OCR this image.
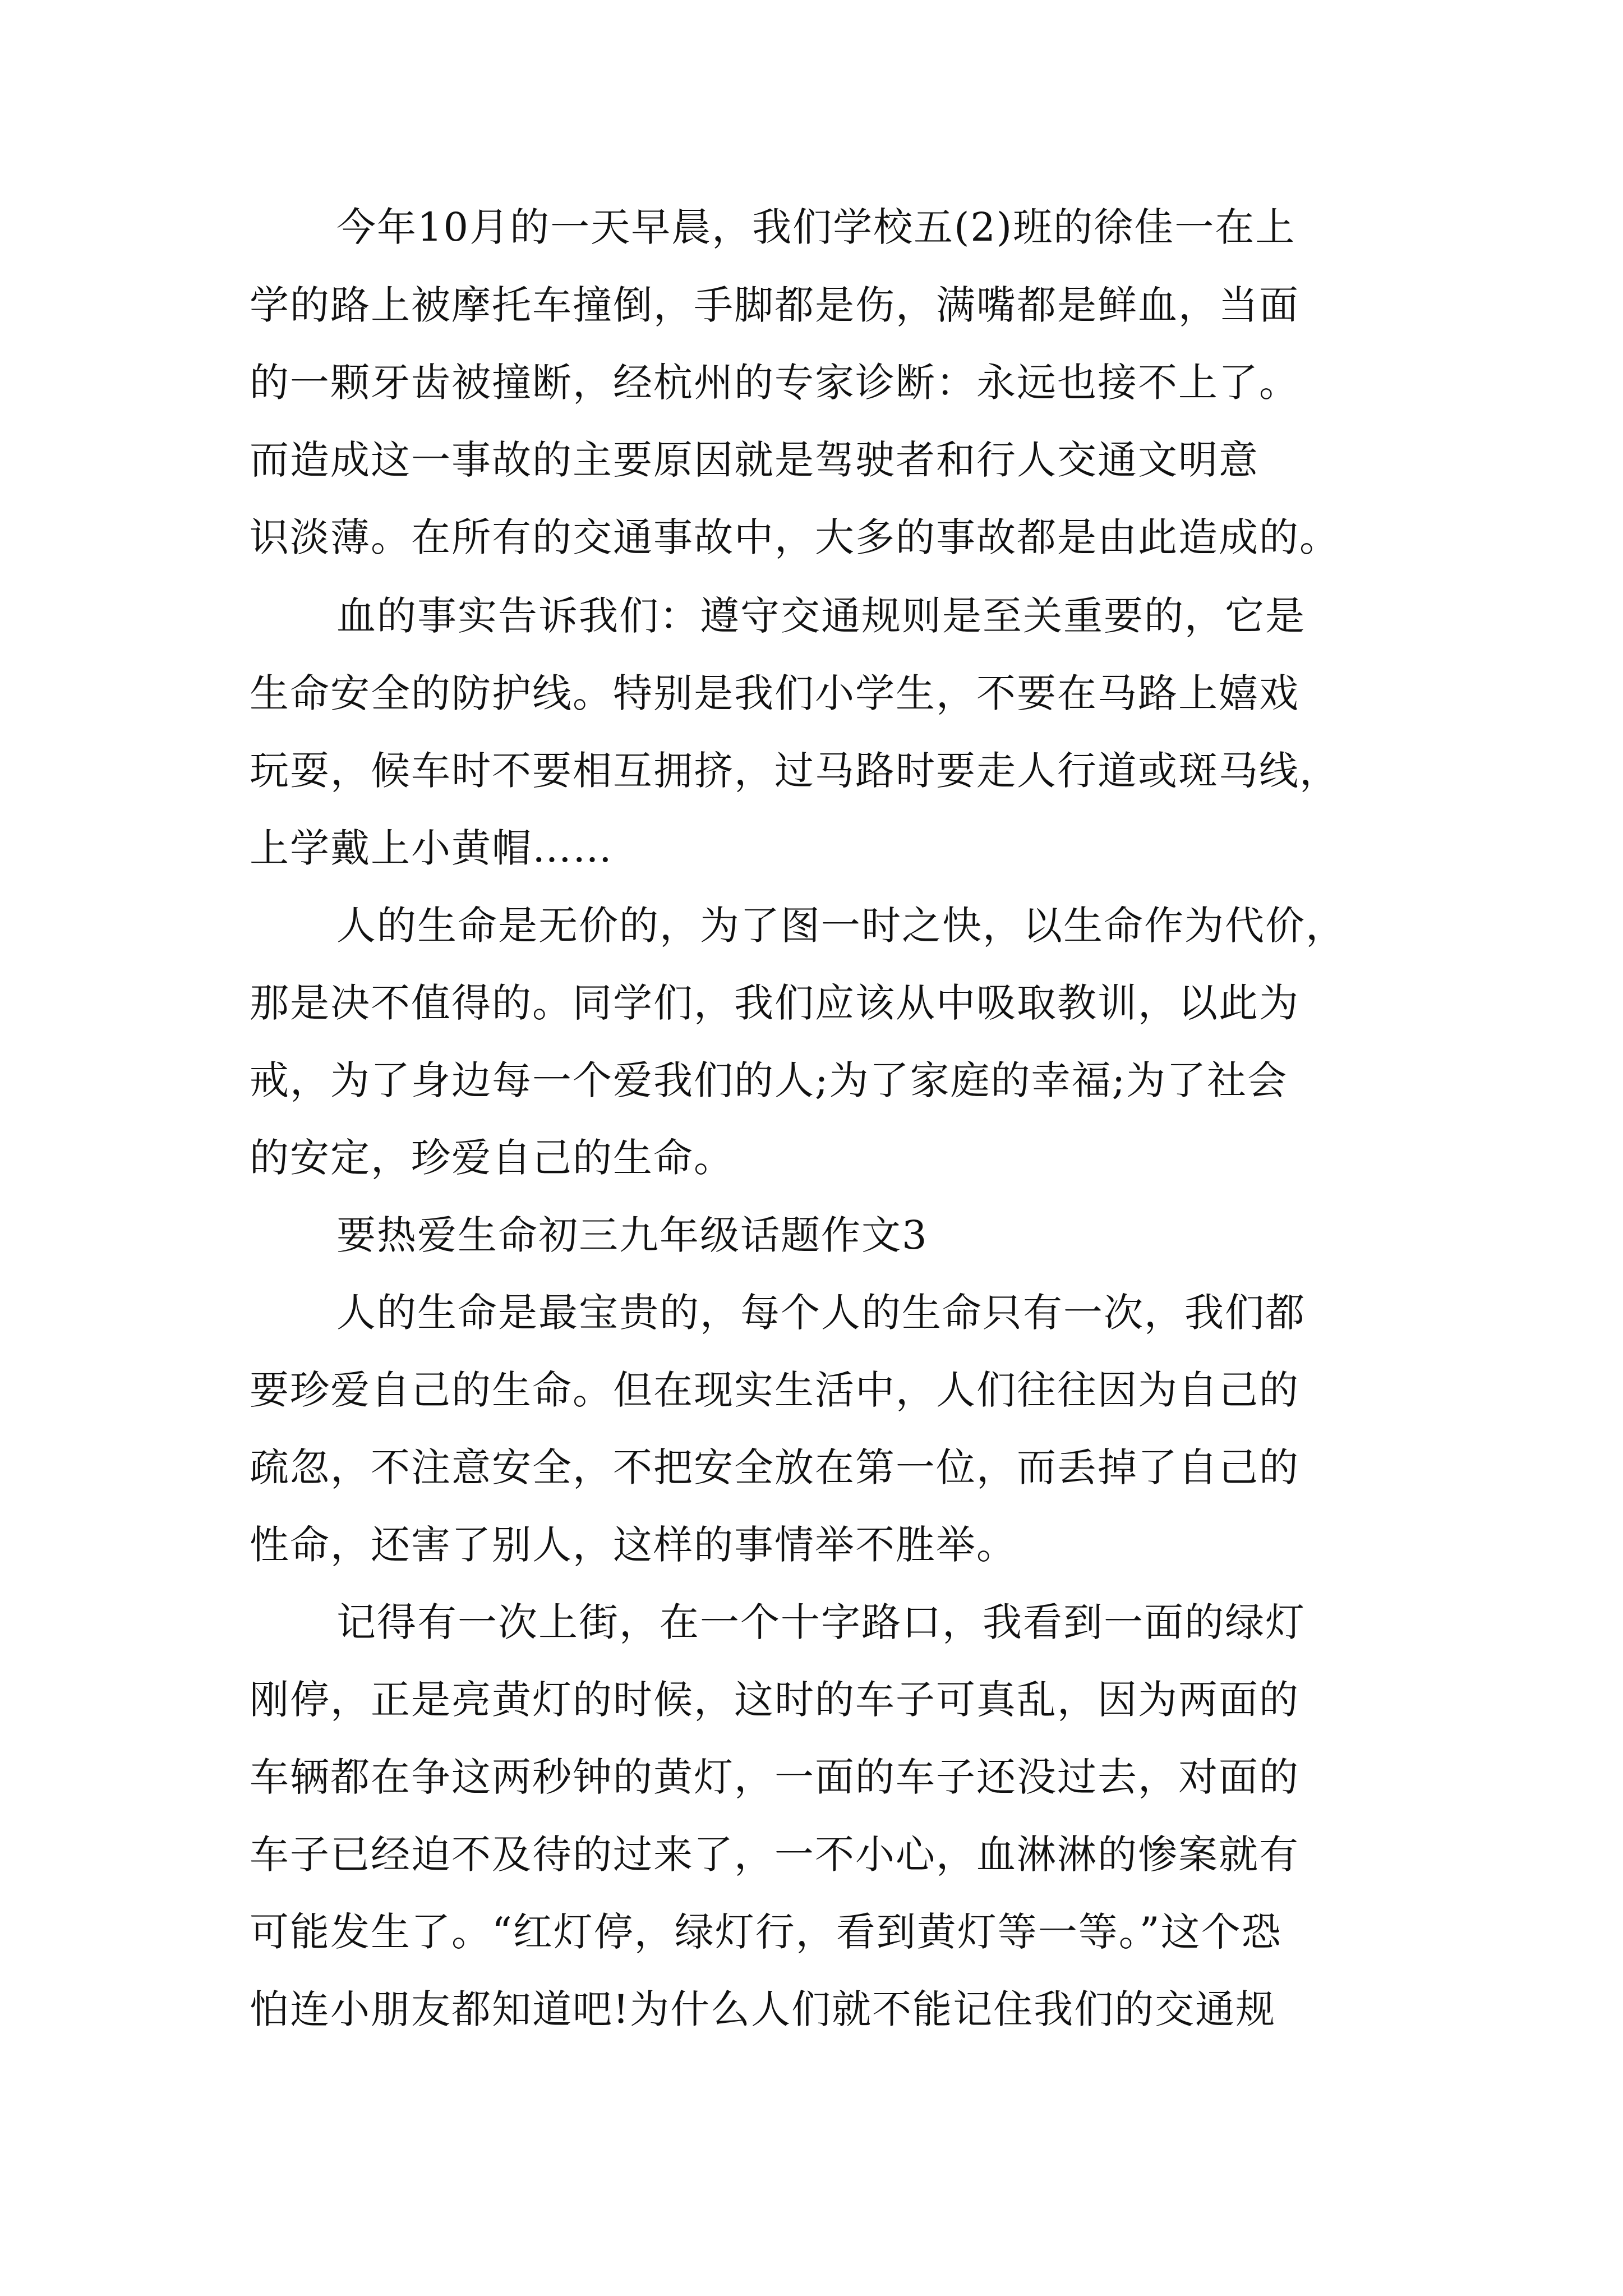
今年10月的一天早晨，我们学校五(2)班的徐佳一在上
学的路上被摩托车撞倒，手脚都是伤，满嘴都是鲜血，当面
的一颗牙齿被撞断，经杭州的专家诊断：永远也接不上了。
而造成这一事故的主要原因就是驾驶者和行人交通文明意
识淡薄。在所有的交通事故中，大多的事故都是由此造成的。
血的事实告诉我们：遵守交通规则是至关重要的，它是
生命安全的防护线。特别是我们小学生，不要在马路上嬉戏
玩耍，候车时不要相互拥挤，过马路时要走人行道或斑马线，
上学戴上小黄帽……
人的生命是无价的，为了图一时之快，以生命作为代价，
那是决不值得的。同学们，我们应该从中吸取教训，以此为
戒，为了身边每一个爱我们的人;为了家庭的幸福;为了社会
的安定，珍爱自己的生命。
要热爱生命初三九年级话题作文3
人的生命是最宝贵的，每个人的生命只有一次，我们都
要珍爱自己的生命。但在现实生活中，人们往往因为自己的
疏忽，不注意安全，不把安全放在第一位，而丢掉了自己的
性命，还害了别人，这样的事情举不胜举。
记得有一次上街，在一个十字路口，我看到一面的绿灯
刚停，正是亮黄灯的时候，这时的车子可真乱，因为两面的
车辆都在争这两秒钟的黄灯，一面的车子还没过去，对面的
车子已经迫不及待的过来了，一不小心，血淋淋的惨案就有
可能发生了。“红灯停，绿灯行，看到黄灯等一等。”这个恐
怕连小朋友都知道吧!为什么人们就不能记住我们的交通规
